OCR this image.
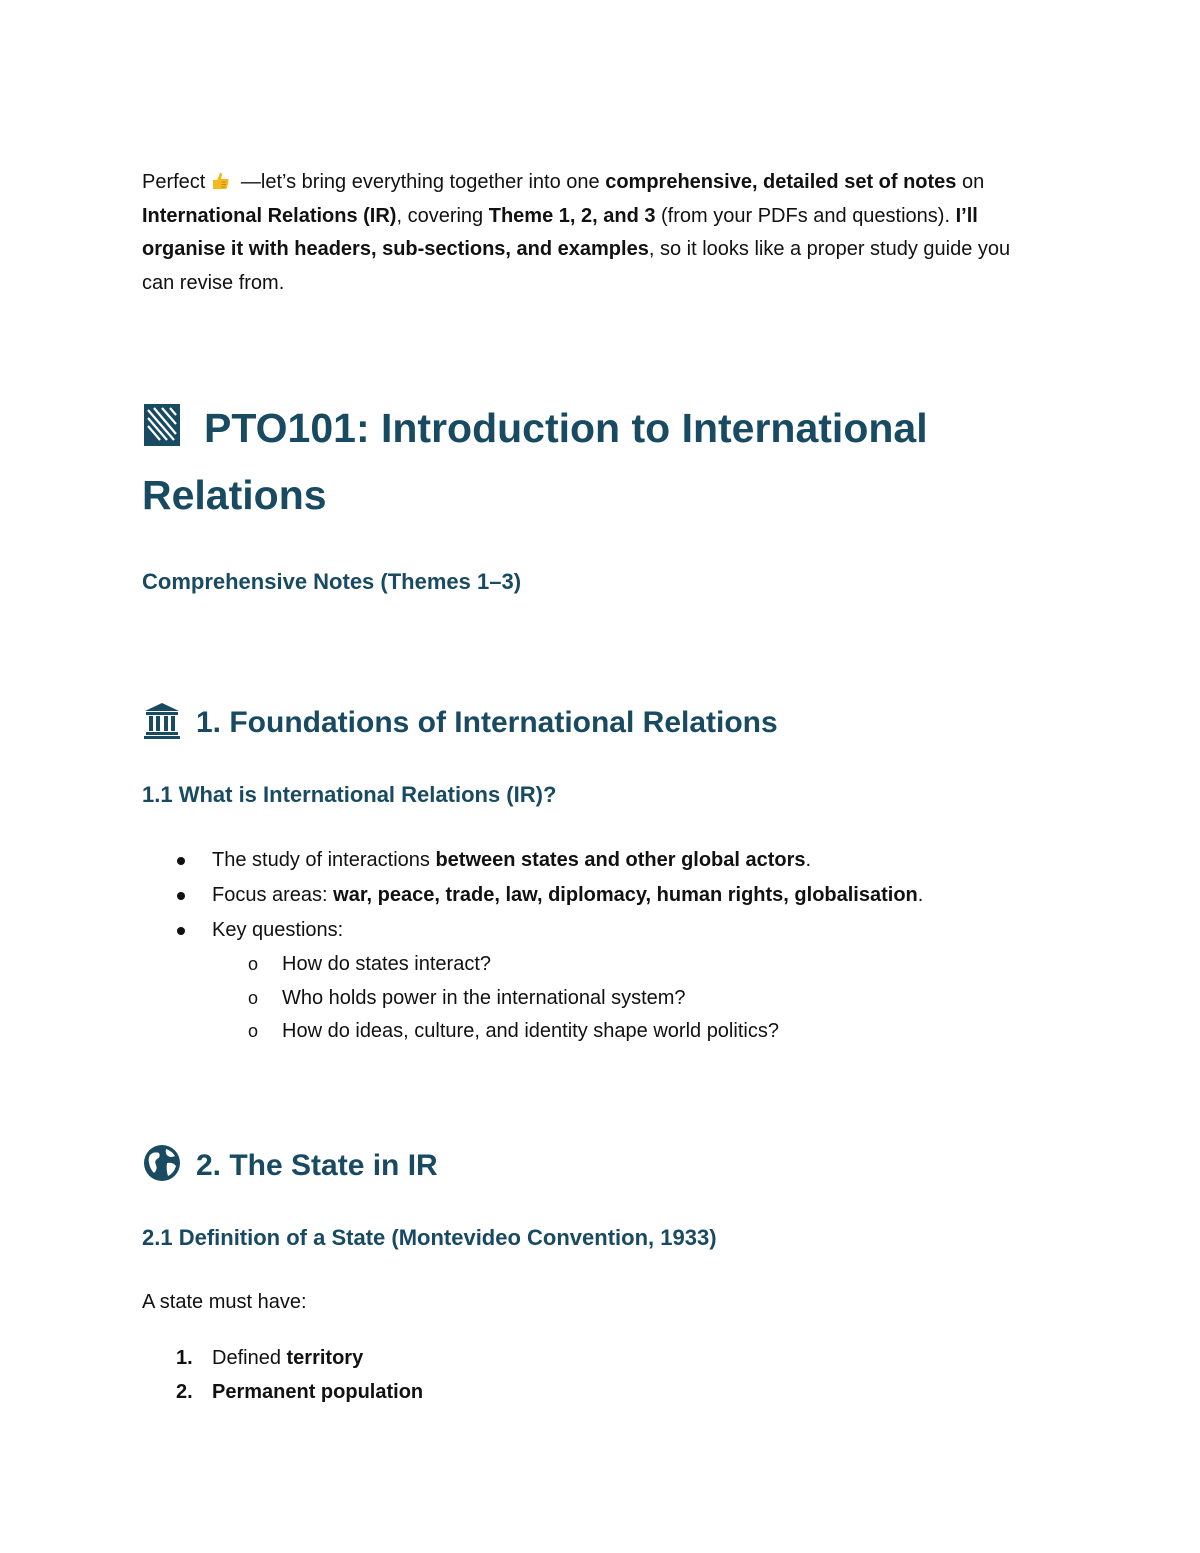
Perfect —let’s bring everything together into one comprehensive, detailed set of notes on International Relations (IR), covering Theme 1, 2, and 3 (from your PDFs and questions). I’ll organise it with headers, sub-sections, and examples, so it looks like a proper study guide you can revise from.

PTO101: Introduction to International Relations
Comprehensive Notes (Themes 1–3)
1. Foundations of International Relations
1.1 What is International Relations (IR)?
The study of interactions between states and other global actors.
Focus areas: war, peace, trade, law, diplomacy, human rights, globalisation.
Key questions:
o How do states interact?
o Who holds power in the international system?
o How do ideas, culture, and identity shape world politics?
2. The State in IR
2.1 Definition of a State (Montevideo Convention, 1933)

A state must have:

1. Defined territory
2. Permanent population
